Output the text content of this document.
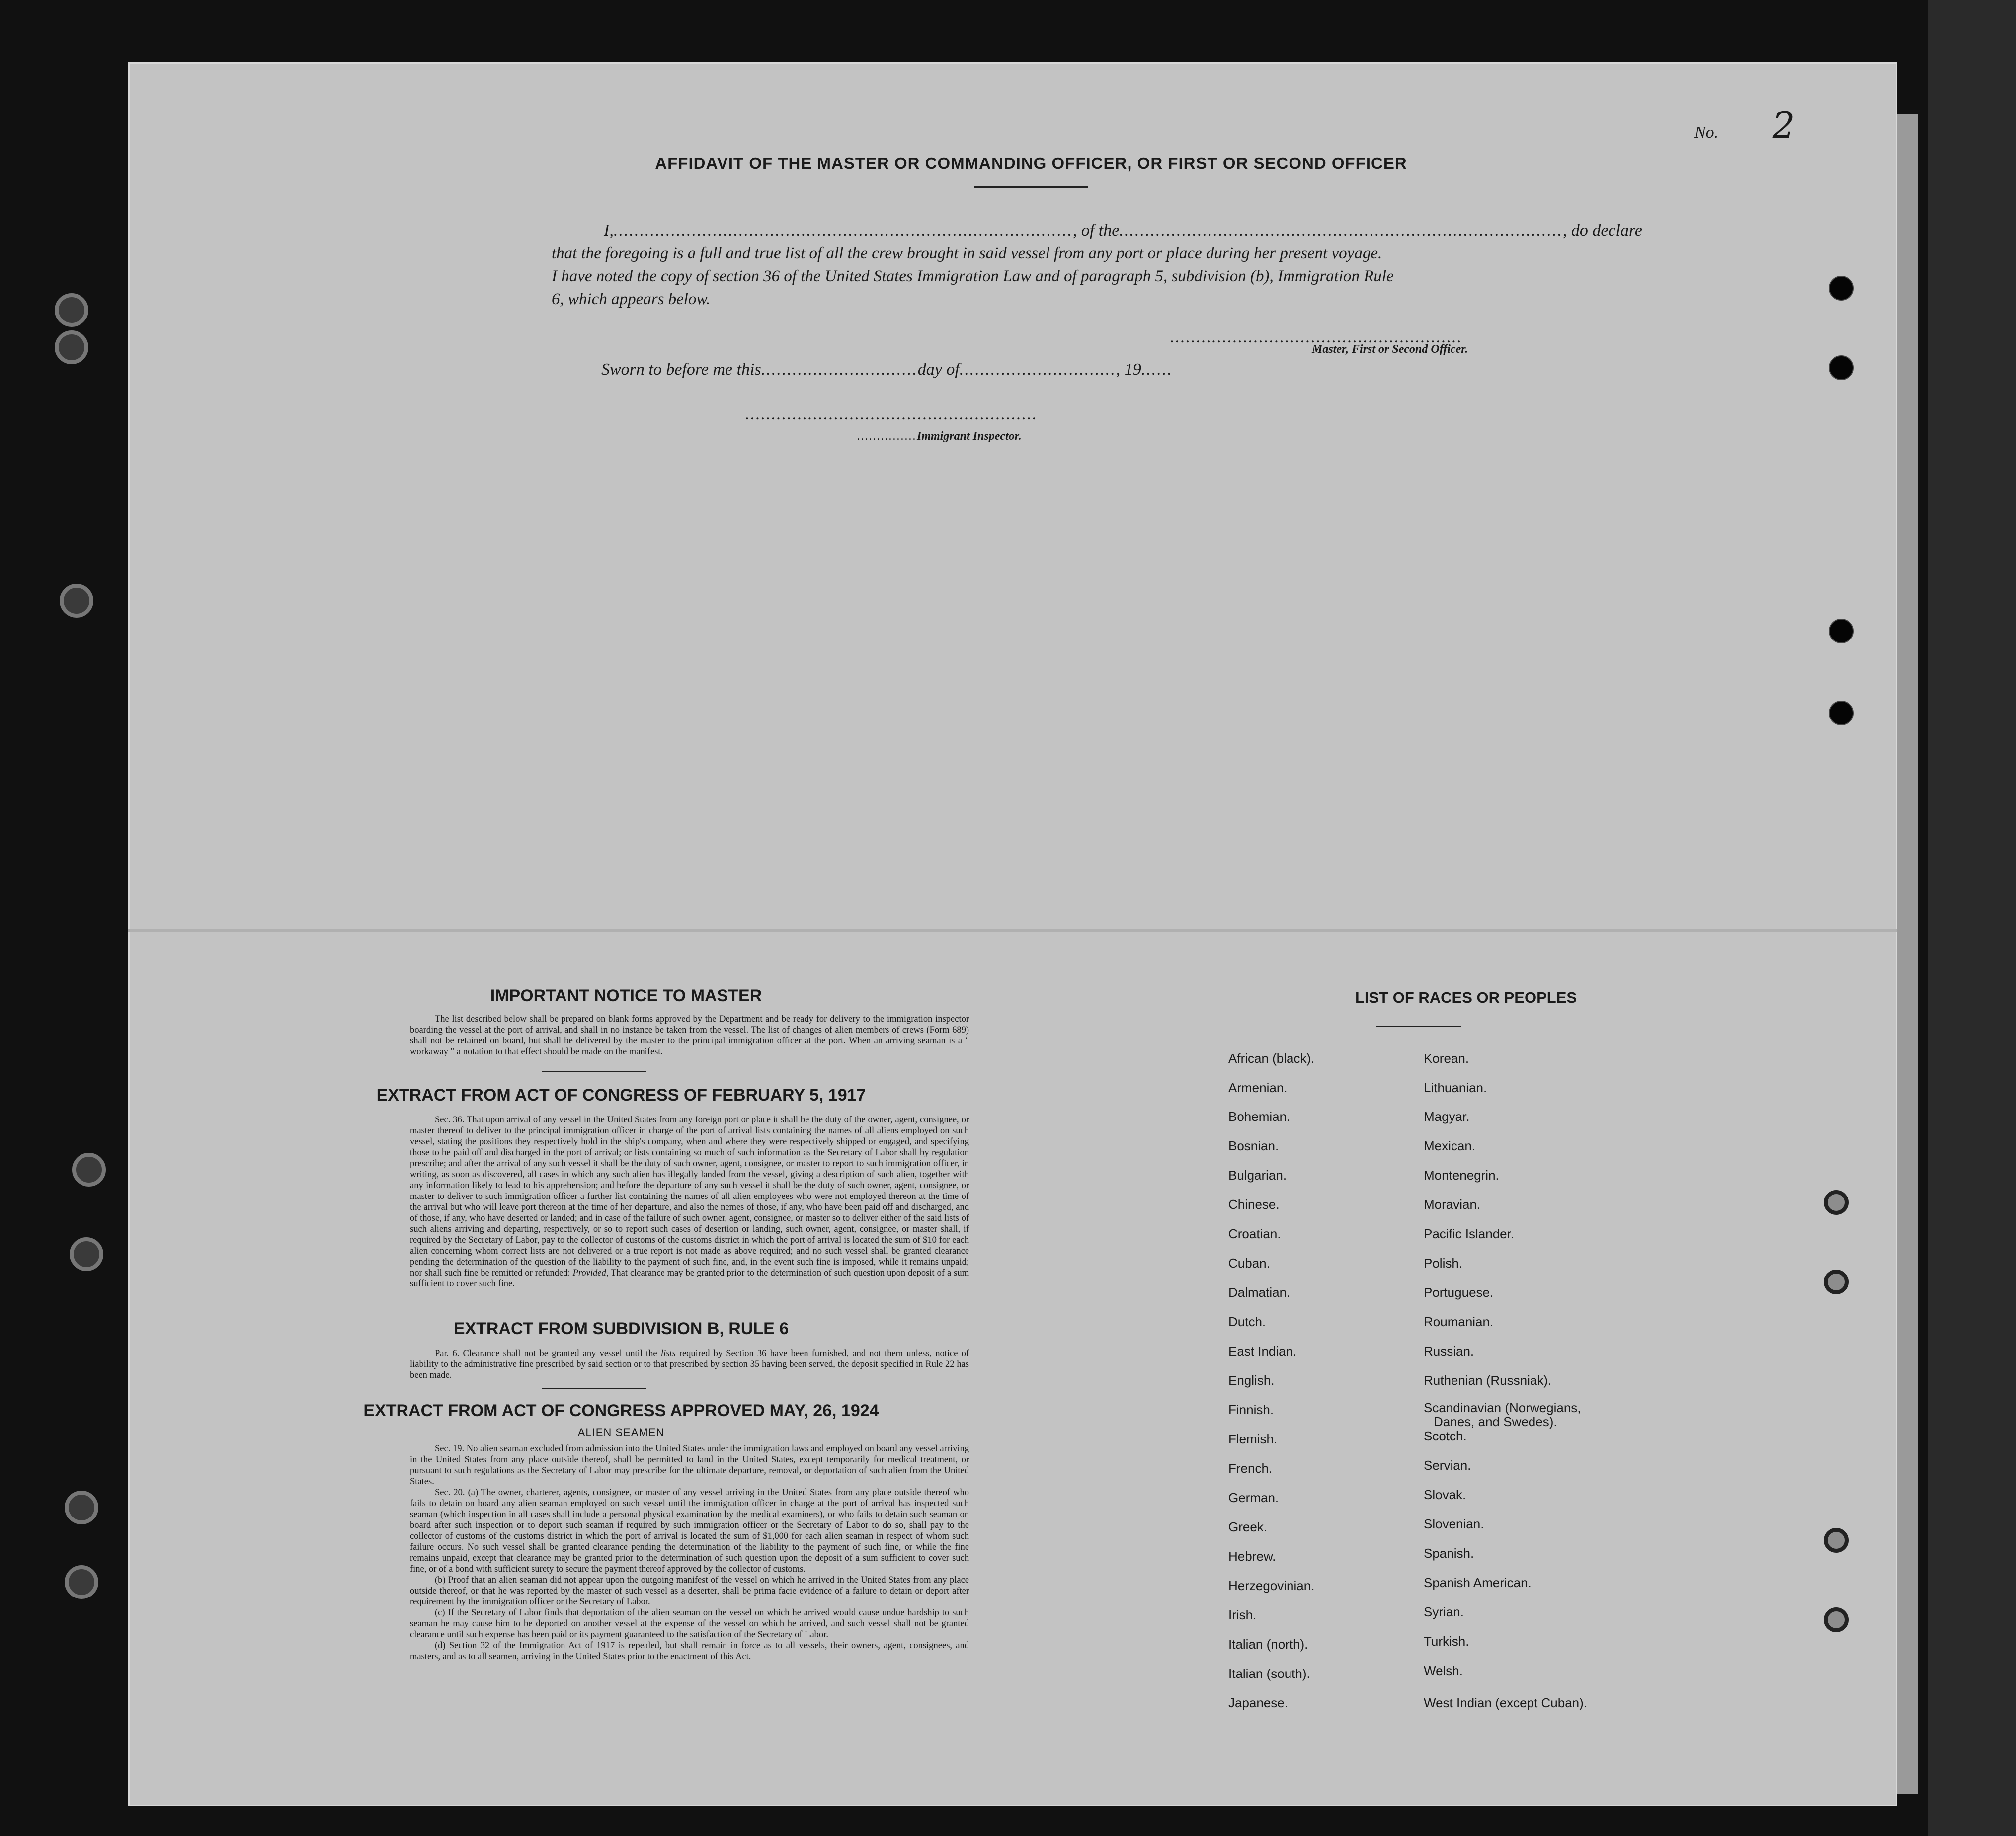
No. 2
AFFIDAVIT OF THE MASTER OR COMMANDING OFFICER, OR FIRST OR SECOND OFFICER
I,........................................................................................, of the....................................................................................., do declare
that the foregoing is a full and true list of all the crew brought in said vessel from any port or place during her present voyage.
I have noted the copy of section 36 of the United States Immigration Law and of paragraph 5, subdivision (b), Immigration Rule
6, which appears below.
........................................................
Master, First or Second Officer.
Sworn to before me this..............................day of.............................., 19......
........................................................
...............Immigrant Inspector.
IMPORTANT NOTICE TO MASTER
The list described below shall be prepared on blank forms approved by the Department and be ready for delivery to the immigration inspector boarding the vessel at the port of arrival, and shall in no instance be taken from the vessel. The list of changes of alien members of crews (Form 689) shall not be retained on board, but shall be delivered by the master to the principal immigration officer at the port. When an arriving seaman is a " workaway " a notation to that effect should be made on the manifest.
EXTRACT FROM ACT OF CONGRESS OF FEBRUARY 5, 1917
Sec. 36. That upon arrival of any vessel in the United States from any foreign port or place it shall be the duty of the owner, agent, consignee, or master thereof to deliver to the principal immigration officer in charge of the port of arrival lists containing the names of all aliens employed on such vessel, stating the positions they respectively hold in the ship's company, when and where they were respectively shipped or engaged, and specifying those to be paid off and discharged in the port of arrival; or lists containing so much of such information as the Secretary of Labor shall by regulation prescribe; and after the arrival of any such vessel it shall be the duty of such owner, agent, consignee, or master to report to such immigration officer, in writing, as soon as discovered, all cases in which any such alien has illegally landed from the vessel, giving a description of such alien, together with any information likely to lead to his apprehension; and before the departure of any such vessel it shall be the duty of such owner, agent, consignee, or master to deliver to such immigration officer a further list containing the names of all alien employees who were not employed thereon at the time of the arrival but who will leave port thereon at the time of her departure, and also the nemes of those, if any, who have been paid off and discharged, and of those, if any, who have deserted or landed; and in case of the failure of such owner, agent, consignee, or master so to deliver either of the said lists of such aliens arriving and departing, respectively, or so to report such cases of desertion or landing, such owner, agent, consignee, or master shall, if required by the Secretary of Labor, pay to the collector of customs of the customs district in which the port of arrival is located the sum of $10 for each alien concerning whom correct lists are not delivered or a true report is not made as above required; and no such vessel shall be granted clearance pending the determination of the question of the liability to the payment of such fine, and, in the event such fine is imposed, while it remains unpaid; nor shall such fine be remitted or refunded: Provided, That clearance may be granted prior to the determination of such question upon deposit of a sum sufficient to cover such fine.
EXTRACT FROM SUBDIVISION B, RULE 6
Par. 6. Clearance shall not be granted any vessel until the lists required by Section 36 have been furnished, and not them unless, notice of liability to the administrative fine prescribed by said section or to that prescribed by section 35 having been served, the deposit specified in Rule 22 has been made.
EXTRACT FROM ACT OF CONGRESS APPROVED MAY, 26, 1924
ALIEN SEAMEN

Sec. 19. No alien seaman excluded from admission into the United States under the immigration laws and employed on board any vessel arriving in the United States from any place outside thereof, shall be permitted to land in the United States, except temporarily for medical treatment, or pursuant to such regulations as the Secretary of Labor may prescribe for the ultimate departure, removal, or deportation of such alien from the United States.

Sec. 20. (a) The owner, charterer, agents, consignee, or master of any vessel arriving in the United States from any place outside thereof who fails to detain on board any alien seaman employed on such vessel until the immigration officer in charge at the port of arrival has inspected such seaman (which inspection in all cases shall include a personal physical examination by the medical examiners), or who fails to detain such seaman on board after such inspection or to deport such seaman if required by such immigration officer or the Secretary of Labor to do so, shall pay to the collector of customs of the customs district in which the port of arrival is located the sum of $1,000 for each alien seaman in respect of whom such failure occurs. No such vessel shall be granted clearance pending the determination of the liability to the payment of such fine, or while the fine remains unpaid, except that clearance may be granted prior to the determination of such question upon the deposit of a sum sufficient to cover such fine, or of a bond with sufficient surety to secure the payment thereof approved by the collector of customs.

(b) Proof that an alien seaman did not appear upon the outgoing manifest of the vessel on which he arrived in the United States from any place outside thereof, or that he was reported by the master of such vessel as a deserter, shall be prima facie evidence of a failure to detain or deport after requirement by the immigration officer or the Secretary of Labor.

(c) If the Secretary of Labor finds that deportation of the alien seaman on the vessel on which he arrived would cause undue hardship to such seaman he may cause him to be deported on another vessel at the expense of the vessel on which he arrived, and such vessel shall not be granted clearance until such expense has been paid or its payment guaranteed to the satisfaction of the Secretary of Labor.

(d) Section 32 of the Immigration Act of 1917 is repealed, but shall remain in force as to all vessels, their owners, agent, consignees, and masters, and as to all seamen, arriving in the United States prior to the enactment of this Act.

LIST OF RACES OR PEOPLES
African (black).
Armenian.
Bohemian.
Bosnian.
Bulgarian.
Chinese.
Croatian.
Cuban.
Dalmatian.
Dutch.
East Indian.
English.
Finnish.
Flemish.
French.
German.
Greek.
Hebrew.
Herzegovinian.
Irish.
Italian (north).
Italian (south).
Japanese.
Korean.
Lithuanian.
Magyar.
Mexican.
Montenegrin.
Moravian.
Pacific Islander.
Polish.
Portuguese.
Roumanian.
Russian.
Ruthenian (Russniak).
Scandinavian (Norwegians,
Danes, and Swedes).
Scotch.
Servian.
Slovak.
Slovenian.
Spanish.
Spanish American.
Syrian.
Turkish.
Welsh.
West Indian (except Cuban).
